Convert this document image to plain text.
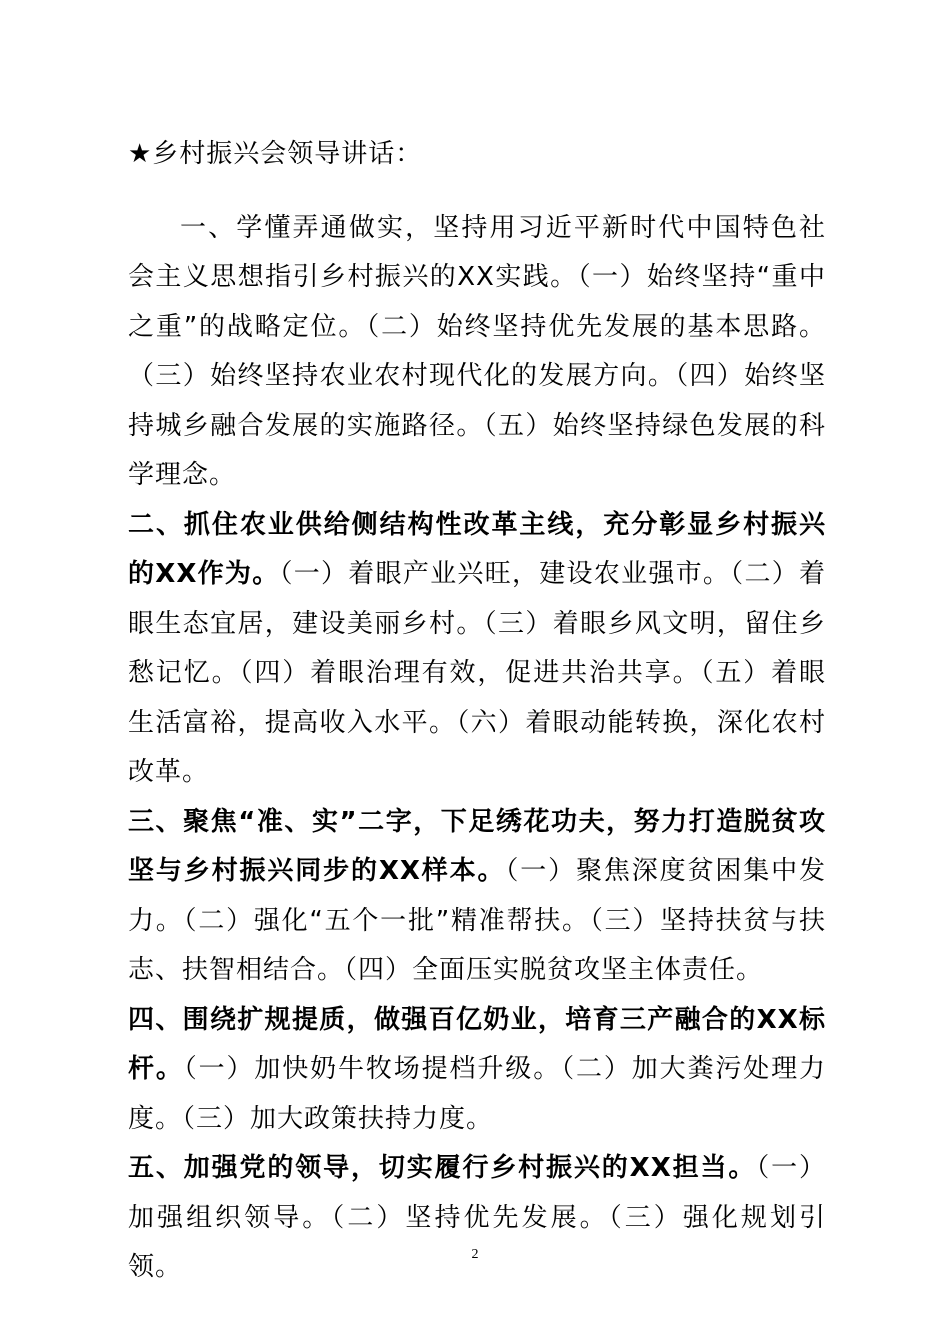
★乡村振兴会领导讲话：

一、学懂弄通做实，坚持用习近平新时代中国特色社会主义思想指引乡村振兴的XX实践。（一）始终坚持“重中之重”的战略定位。（二）始终坚持优先发展的基本思路。（三）始终坚持农业农村现代化的发展方向。（四）始终坚持城乡融合发展的实施路径。（五）始终坚持绿色发展的科学理念。

二、抓住农业供给侧结构性改革主线，充分彰显乡村振兴的XX作为。（一）着眼产业兴旺，建设农业强市。（二）着眼生态宜居，建设美丽乡村。（三）着眼乡风文明，留住乡愁记忆。（四）着眼治理有效，促进共治共享。（五）着眼生活富裕，提高收入水平。（六）着眼动能转换，深化农村改革。

三、聚焦“准、实”二字，下足绣花功夫，努力打造脱贫攻坚与乡村振兴同步的XX样本。（一）聚焦深度贫困集中发力。（二）强化“五个一批”精准帮扶。（三）坚持扶贫与扶志、扶智相结合。（四）全面压实脱贫攻坚主体责任。

四、围绕扩规提质，做强百亿奶业，培育三产融合的XX标杆。（一）加快奶牛牧场提档升级。（二）加大粪污处理力度。（三）加大政策扶持力度。

五、加强党的领导，切实履行乡村振兴的XX担当。（一）加强组织领导。（二）坚持优先发展。（三）强化规划引领。	2
